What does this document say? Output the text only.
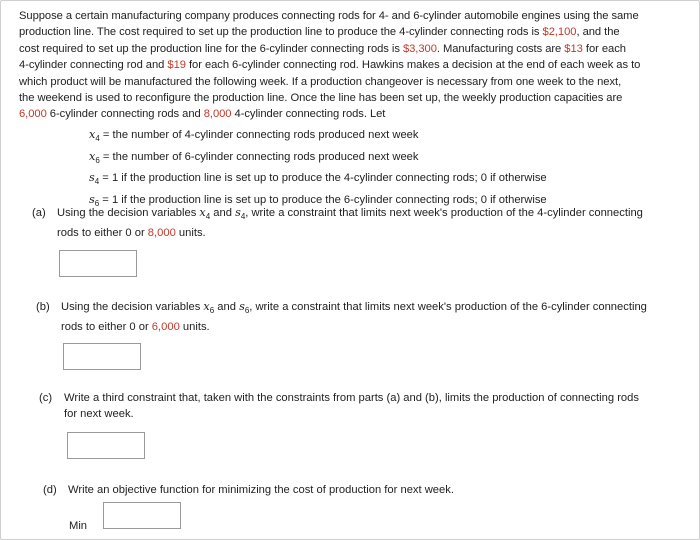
Suppose a certain manufacturing company produces connecting rods for 4- and 6-cylinder automobile engines using the same
production line. The cost required to set up the production line to produce the 4-cylinder connecting rods is $2,100, and the
cost required to set up the production line for the 6-cylinder connecting rods is $3,300. Manufacturing costs are $13 for each
4-cylinder connecting rod and $19 for each 6-cylinder connecting rod. Hawkins makes a decision at the end of each week as to
which product will be manufactured the following week. If a production changeover is necessary from one week to the next,
the weekend is used to reconfigure the production line. Once the line has been set up, the weekly production capacities are
6,000 6-cylinder connecting rods and 8,000 4-cylinder connecting rods. Let
$x_4$ = the number of 4-cylinder connecting rods produced next week
$x_6$ = the number of 6-cylinder connecting rods produced next week
$s_4 = 1$ if the production line is set up to produce the 4-cylinder connecting rods; 0 if otherwise
$s_6 = 1$ if the production line is set up to produce the 6-cylinder connecting rods; 0 if otherwise
(a) Using the decision variables $x_4$ and $s_4$, write a constraint that limits next week's production of the 4-cylinder connecting
rods to either 0 or 8,000 units.
(b) Using the decision variables $x_6$ and $s_6$, write a constraint that limits next week's production of the 6-cylinder connecting
rods to either 0 or 6,000 units.
(c) Write a third constraint that, taken with the constraints from parts (a) and (b), limits the production of connecting rods
for next week.
(d) Write an objective function for minimizing the cost of production for next week.
Min
